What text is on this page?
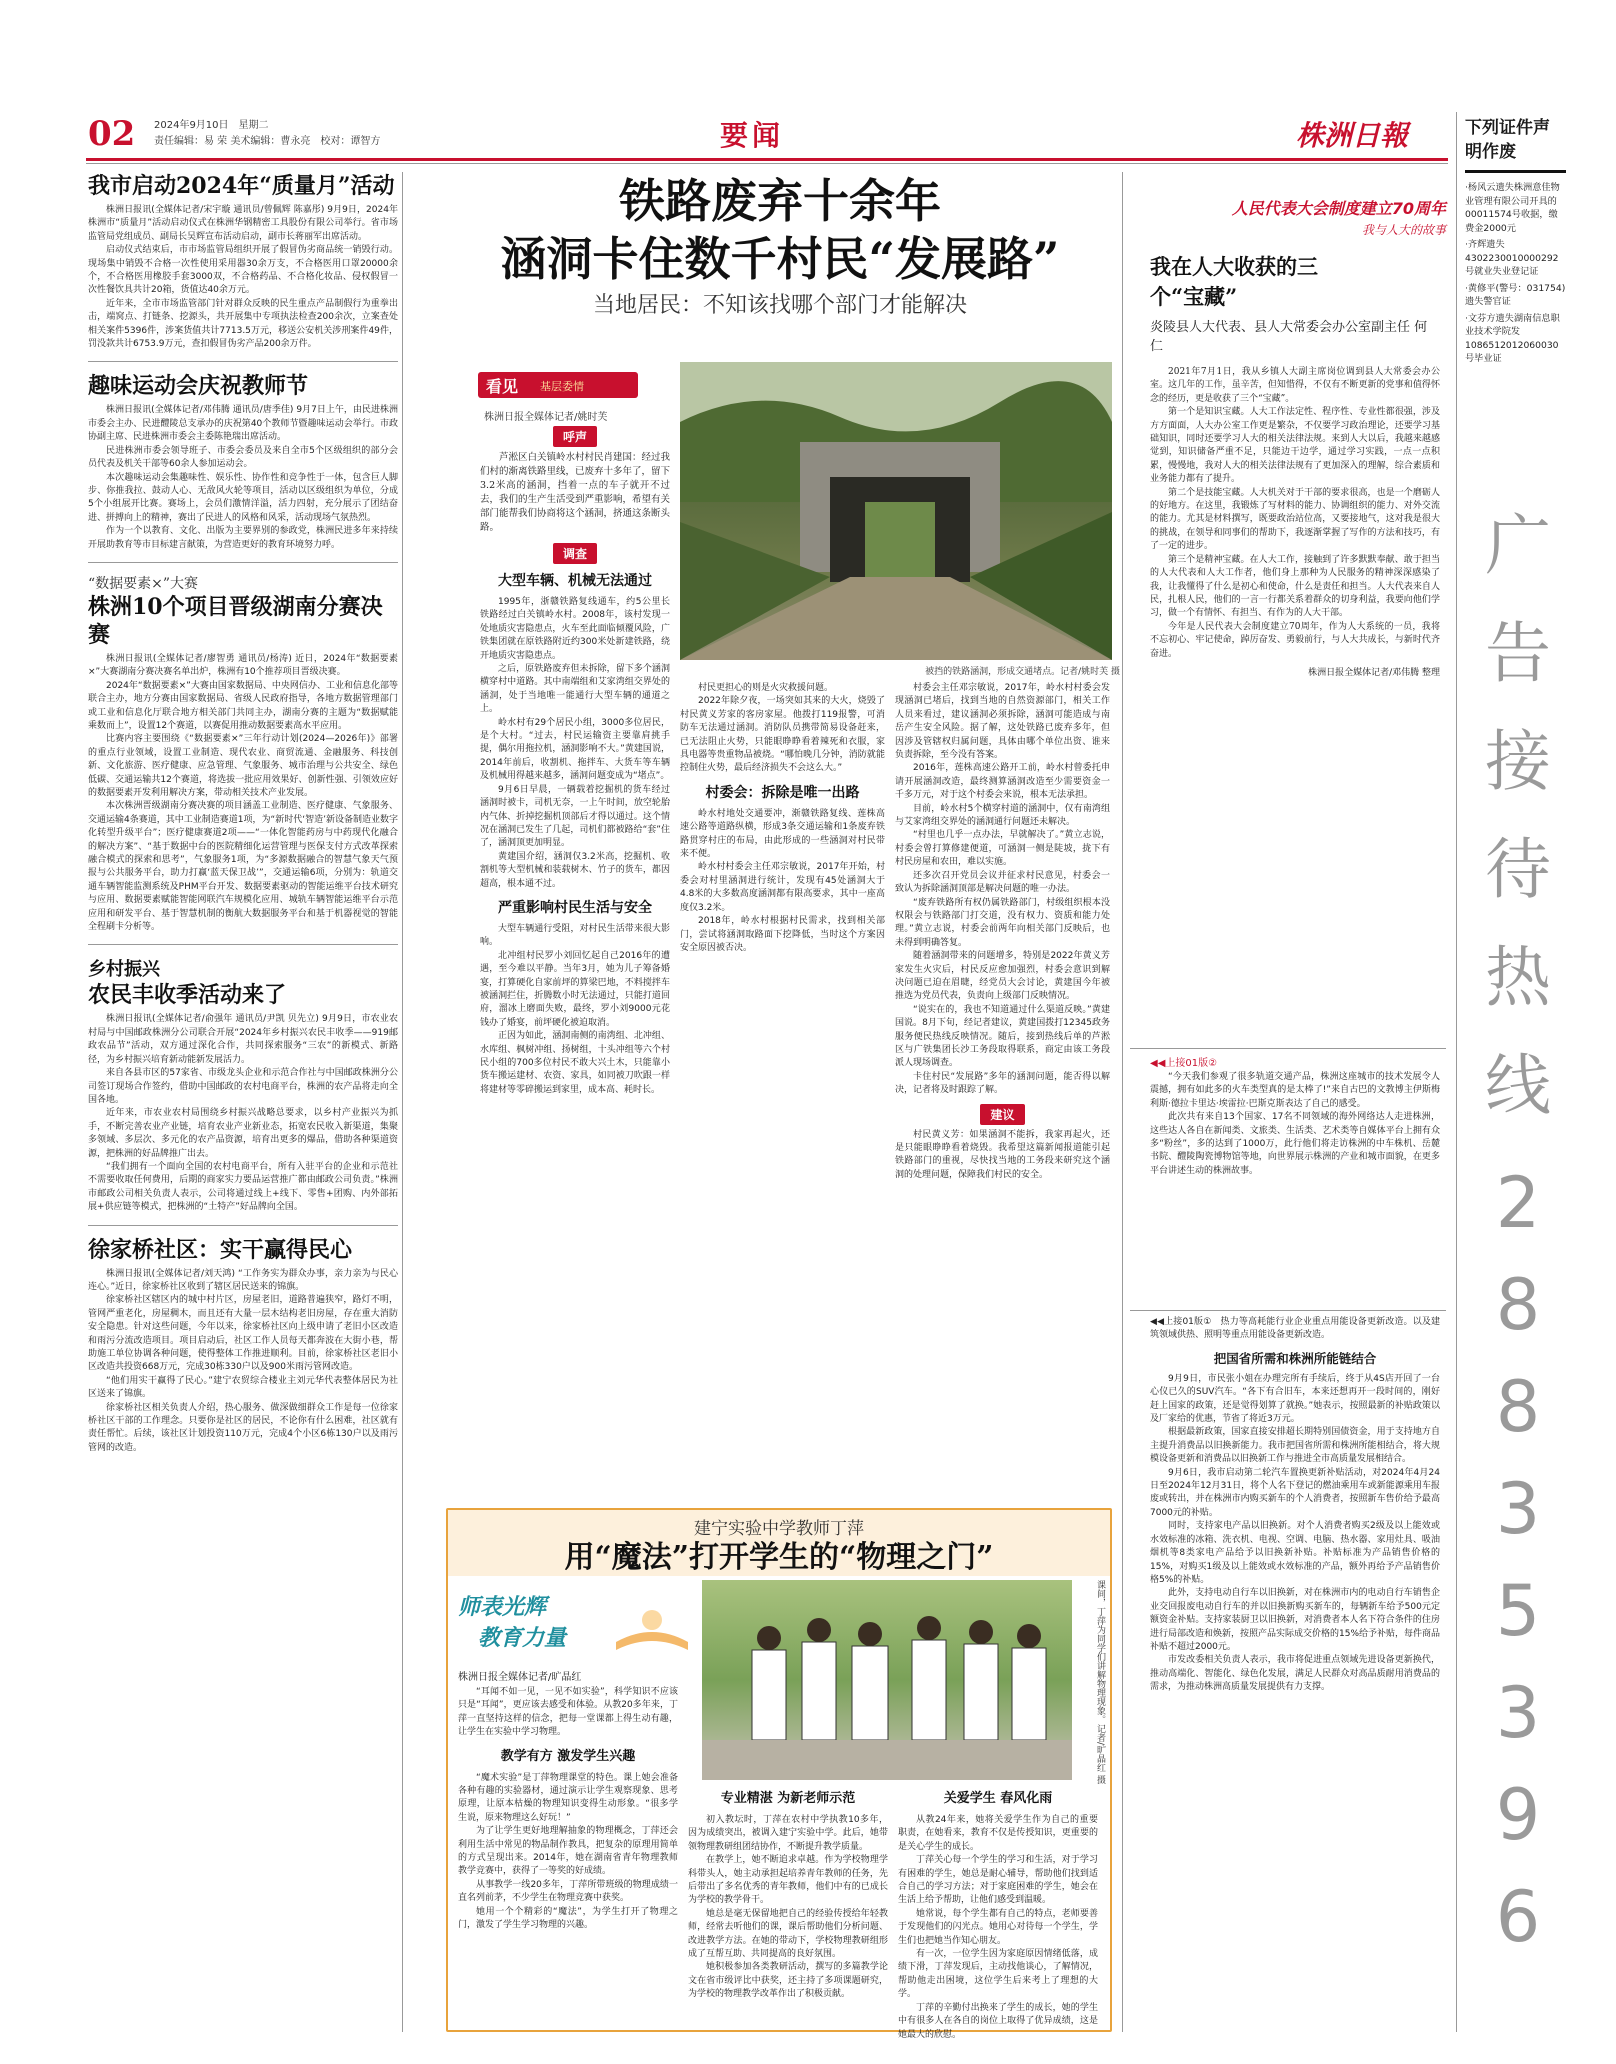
02 2024年9月10日　星期二
责任编辑：易 荣 美术编辑：曹永亮　校对：谭智方	要闻	株洲日報
我市启动2024年“质量月”活动

株洲日报讯(全媒体记者/宋宇璇 通讯员/曾佩辉 陈嘉彤) 9月9日，2024年株洲市“质量月”活动启动仪式在株洲华钢精密工具股份有限公司举行。省市场监管局党组成员、副局长吴辉宣布活动启动，副市长蒋丽军出席活动。

启动仪式结束后，市市场监管局组织开展了假冒伪劣商品统一销毁行动。现场集中销毁不合格一次性使用采用器30余万支，不合格医用口罩20000余个，不合格医用橡胶手套3000双，不合格药品、不合格化妆品、侵权假冒一次性餐饮具共计20箱，货值达40余万元。

近年来，全市市场监管部门针对群众反映的民生重点产品制假行为重拳出击，端窝点、打链条、挖源头，共开展集中专项执法检查200余次，立案查处相关案件5396件，涉案货值共计7713.5万元，移送公安机关涉刑案件49件，罚没款共计6753.9万元，查扣假冒伪劣产品200余万件。

趣味运动会庆祝教师节

株洲日报讯(全媒体记者/邓伟腾 通讯员/唐季佳) 9月7日上午，由民进株洲市委会主办、民进醴陵总支承办的庆祝第40个教师节暨趣味运动会举行。市政协副主席、民进株洲市委会主委陈艳瑞出席活动。

民进株洲市委会领导班子、市委会委员及来自全市5个区级组织的部分会员代表及机关干部等60余人参加运动会。

本次趣味运动会集趣味性、娱乐性、协作性和竞争性于一体，包含巨人脚步、你推我拉、鼓动人心、无敌风火轮等项目，活动以区级组织为单位，分成5个小组展开比赛。赛场上，会员们激情洋溢，活力四射，充分展示了团结奋进、拼搏向上的精神，赛出了民进人的风格和风采，活动现场气氛热烈。

作为一个以教育、文化、出版为主要界别的参政党，株洲民进多年来持续开展助教育等市目标建言献策，为营造更好的教育环境努力呼。

“数据要素×”大赛
株洲10个项目晋级湖南分赛决赛

株洲日报讯(全媒体记者/廖智勇 通讯员/杨涛) 近日，2024年“数据要素×”大赛湖南分赛决赛名单出炉，株洲有10个推荐项目晋级决赛。

2024年“数据要素×”大赛由国家数据局、中央网信办、工业和信息化部等联合主办，地方分赛由国家数据局、省级人民政府指导，各地方数据管理部门或工业和信息化厅联合地方相关部门共同主办，湖南分赛的主题为“数据赋能 乘数而上”，设置12个赛道，以赛促用推动数据要素高水平应用。

比赛内容主要围绕《“数据要素×”三年行动计划(2024—2026年)》部署的重点行业领域，设置工业制造、现代农业、商贸流通、金融服务、科技创新、文化旅游、医疗健康、应急管理、气象服务、城市治理与公共安全、绿色低碳、交通运输共12个赛道，将选拔一批应用效果好、创新性强、引领效应好的数据要素开发利用解决方案，带动相关技术产业发展。

本次株洲晋级湖南分赛决赛的项目涵盖工业制造、医疗健康、气象服务、交通运输4条赛道，其中工业制造赛道1项，为“新时代‘智造’新设备制造业数字化转型升级平台”；医疗健康赛道2项——“一体化智能药房与中药现代化融合的解决方案”、“基于数据中台的医院精细化运营管理与医保支付方式改革探索融合模式的探索和思考”，气象服务1项，为“多源数据融合的智慧气象天气预报与公共服务平台，助力打赢‘蓝天保卫战’”，交通运输6项，分别为：轨道交通车辆智能监测系统及PHM平台开发、数据要素驱动的智能运维平台技术研究与应用、数据要素赋能智能网联汽车规模化应用、城轨车辆智能运维平台示范应用和研发平台、基于智慧机制的衡航大数据服务平台和基于机器视觉的智能全程刷卡分析等。

乡村振兴
农民丰收季活动来了

株洲日报讯(全媒体记者/俞强年 通讯员/尹凯 贝先立) 9月9日，市农业农村局与中国邮政株洲分公司联合开展“2024年乡村振兴农民丰收季——919邮政农品节”活动，双方通过深化合作，共同探索服务“三农”的新模式、新路径，为乡村振兴培育新动能新发展活力。

来自各县市区的57家省、市级龙头企业和示范合作社与中国邮政株洲分公司签订现场合作签约，借助中国邮政的农村电商平台，株洲的农产品将走向全国各地。

近年来，市农业农村局围绕乡村振兴战略总要求，以乡村产业振兴为抓手，不断完善农业产业链，培育农业产业新业态，拓宽农民收入新渠道，集聚多领域、多层次、多元化的农产品资源，培育出更多的爆品，借助各种渠道资源，把株洲的好品牌推广出去。

“我们拥有一个面向全国的农村电商平台，所有入驻平台的企业和示范社不需要收取任何费用，后期的商家实力要品运营推广都由邮政公司负责。”株洲市邮政公司相关负责人表示，公司将通过线上+线下、零售+团购、内外部拓展+供应链等模式，把株洲的“土特产”好品牌向全国。

徐家桥社区：实干赢得民心

株洲日报讯(全媒体记者/刘天鸿) “工作务实为群众办事，亲力亲为与民心连心。”近日，徐家桥社区收到了辖区居民送来的锦旗。

徐家桥社区辖区内的城中村片区，房屋老旧，道路普遍狭窄，路灯不明，管网严重老化，房屋稠木，而且还有大量一层木结构老旧房屋，存在重大消防安全隐患。针对这些问题，今年以来，徐家桥社区向上级申请了老旧小区改造和雨污分流改造项目。项目启动后，社区工作人员每天都奔波在大街小巷，帮助施工单位协调各种问题，使得整体工作推进顺利。目前，徐家桥社区老旧小区改造共投资668万元，完成30栋330户以及900米雨污管网改造。

“他们用实干赢得了民心。”建宁农贸综合楼业主刘元华代表整体居民为社区送来了锦旗。

徐家桥社区相关负责人介绍，热心服务、做深做细群众工作是每一位徐家桥社区干部的工作理念。只要你是社区的居民，不论你有什么困难，社区就有责任帮忙。后续，该社区计划投资110万元，完成4个小区6栋130户以及雨污管网的改造。

铁路废弃十余年
涵洞卡住数千村民“发展路”
当地居民：不知该找哪个部门才能解决
看见 基层委情
株洲日报全媒体记者/姚时芙
被挡的铁路涵洞，形成交通堵点。记者/姚时芙 摄
呼声
芦淞区白关镇岭水村村民肖建国：经过我们村的渐离铁路里线，已废弃十多年了，留下3.2米高的涵洞，挡着一点的车子就开不过去，我们的生产生活受到严重影响，希望有关部门能帮我们协商将这个涵洞，挤通这条断头路。
调查
大型车辆、机械无法通过

1995年，浙赣铁路复线通车，约5公里长铁路经过白关镇岭水村。2008年，该村发现一处地质灾害隐患点，火车至此面临倾覆风险，广铁集团就在原铁路附近约300米处新建铁路，绕开地质灾害隐患点。

之后，原铁路废弃但未拆除，留下多个涵洞横穿村中道路。其中南端组和艾家湾组交界处的涵洞，处于当地唯一能通行大型车辆的通道之上。

岭水村有29个居民小组，3000多位居民，是个大村。“过去，村民运输资主要靠肩挑手提，偶尔用拖拉机，涵洞影响不大。”黄建国说，2014年前后，收割机、拖拌车、大货车等车辆及机械用得越来越多，涵洞问题变成为“堵点”。

9月6日早晨，一辆载着挖掘机的货车经过涵洞时被卡，司机无奈，一上午时间，放空轮胎内气体、折掉挖掘机顶部后才得以通过。这个情况在涵洞已发生了几起，司机们都被路给“套”住了，涵洞顶更加明显。

黄建国介绍，涵洞仅3.2米高，挖掘机、收割机等大型机械和装载树木、竹子的货车，都因超高，根本通不过。

严重影响村民生活与安全

大型车辆通行受阻，对村民生活带来很大影响。

北冲组村民罗小刘回忆起自己2016年的遭遇，至今难以平静。当年3月，她为儿子筹备婚宴，打算硬化自家前坪的算梁巴地，不料搅拌车被涵洞拦住，折腾数小时无法通过，只能打道回府，溜冰上磨面失败，最终，罗小刘9000元花钱办了婚宴，前坪硬化被迫取消。

正因为如此，涵洞南侧的南湾组、北冲组、水库组、枫树冲组、扬树组，十头冲组等六个村民小组的700多位村民不敢大兴土木，只能靠小货车搬运建材、农资、家具，如同被刀吹跟一样将建材等零碎搬运到家里，成本高、耗时长。

村民更担心的则是火灾救援问题。

2022年除夕夜，一场突如其来的大火，烧毁了村民黄义芳家的客房家屋。他拨打119报警，可消防车无法通过涵洞。消防队员携带简易设备赶来，已无法阻止火势，只能眼睁睁看着辣死和衣服，家具电器等贵重物品被烧。“哪怕晚几分钟，消防就能控制住火势，最后经济损失不会这么大。”

村委会：拆除是唯一出路

岭水村地处交通要冲，渐赣铁路复线、莲株高速公路等道路纵横，形成3条交通运输和1条废弃铁路贯穿村庄的布局，由此形成的一些涵洞对村民带来不便。

岭水村村委会主任邓宗敏说，2017年开始，村委会对村里涵洞进行统计，发现有45处涵洞大于4.8米的大多数高度涵洞都有限高要求，其中一座高度仅3.2米。

2018年，岭水村根据村民需求，找到相关部门，尝试将涵洞取路面下挖降低，当时这个方案因安全原因被否决。

村委会主任邓宗敏说，2017年，岭水村村委会发现涵洞已堵后，找到当地的自然资源部门，相关工作人员来看过，建议涵洞必须拆除，涵洞可能造成与南岳产生安全风险。据了解，这处铁路已废弃多年，但因涉及管辖权归属问题，具体由哪个单位出资、谁来负责拆除，至今没有答案。

2016年，莲株高速公路开工前，岭水村曾委托申请开展涵洞改造，最终测算涵洞改造至少需要资金一千多万元，对于这个村委会来说，根本无法承担。

目前，岭水村5个横穿村道的涵洞中，仅有南湾组与艾家湾组交界处的涵洞通行问题还未解决。

“村里也几乎一点办法，早就解决了。”黄立志说，村委会曾打算修建便道，可涵洞一侧是陡坡，拢下有村民房屋和农田，难以实施。

还多次召开党员会议并征求村民意见，村委会一致认为拆除涵洞顶部是解决问题的唯一办法。

“废弃铁路所有权仍属铁路部门，村级组织根本没权限会与铁路部门打交道，没有权力、资质和能力处理。”黄立志说，村委会前两年向相关部门反映后，也未得到明确答复。

随着涵洞带来的问题增多，特别是2022年黄义芳家发生火灾后，村民反应愈加强烈，村委会意识到解决问题已迫在眉睫，经党员大会讨论，黄建国今年被推选为党员代表，负责向上级部门反映情况。

“说实在的，我也不知道通过什么渠道反映。”黄建国说。8月下旬，经记者建议，黄建国拨打12345政务服务便民热线反映情况。随后，接到热线后单的芦淞区与广铁集团长沙工务段取得联系，商定由该工务段派人现场调查。

卡住村民“发展路”多年的涵洞问题，能否得以解决，记者将及时跟踪了解。

建议
村民黄义芳：如果涵洞不能拆，我家再起火，还是只能眼睁睁看着烧毁。我希望这篇新闻报道能引起铁路部门的重视，尽快找当地的工务段来研究这个涵洞的处理问题，保障我们村民的安全。
人民代表大会制度建立70周年
我与人大的故事
我在人大收获的三个“宝藏”
炎陵县人大代表、县人大常委会办公室副主任 何仁

2021年7月1日，我从乡镇人大副主席岗位调到县人大常委会办公室。这几年的工作，虽辛苦，但知惜得，不仅有不断更新的党事和值得怀念的经历，更是收获了三个“宝藏”。

第一个是知识宝藏。人大工作法定性、程序性、专业性都很强，涉及方方面面，人大办公室工作更是繁杂，不仅要学习政治理论，还要学习基础知识，同时还要学习人大的相关法律法规。来到人大以后，我越来越感觉到，知识储备严重不足，只能边干边学，通过学习实践，一点一点积累，慢慢地，我对人大的相关法律法规有了更加深入的理解，综合素质和业务能力都有了提升。

第二个是技能宝藏。人大机关对于干部的要求很高，也是一个磨砺人的好地方。在这里，我锻炼了写材料的能力、协调组织的能力、对外交流的能力。尤其是材料撰写，既要政治站位高，又要接地气，这对我是很大的挑战，在领导和同事们的帮助下，我逐渐掌握了写作的方法和技巧，有了一定的进步。

第三个是精神宝藏。在人大工作，接触到了许多默默奉献、敢于担当的人大代表和人大工作者，他们身上那种为人民服务的精神深深感染了我，让我懂得了什么是初心和使命，什么是责任和担当。人大代表来自人民，扎根人民，他们的一言一行都关系着群众的切身利益，我要向他们学习，做一个有情怀、有担当、有作为的人大干部。

今年是人民代表大会制度建立70周年，作为人大系统的一员，我将不忘初心、牢记使命，踔厉奋发、勇毅前行，与人大共成长，与新时代齐奋进。

株洲日报全媒体记者/邓伟腾 整理
◀◀上接01版②

“今天我们参观了很多轨道交通产品，株洲这座城市的技术发展令人震撼，拥有如此多的火车类型真的是太棒了!”来自古巴的文教博主伊斯梅利斯·德拉卡里达·埃雷拉·巴斯克斯表达了自己的感受。

此次共有来自13个国家、17名不同领域的海外网络达人走进株洲，这些达人各自在新闻类、文旅类、生活类、艺术类等自媒体平台上拥有众多“粉丝”，多的达到了1000万，此行他们将走访株洲的中车株机、岳麓书院、醴陵陶瓷博物馆等地，向世界展示株洲的产业和城市面貌，在更多平台讲述生动的株洲故事。

◀◀上接01版①　热力等高耗能行业企业重点用能设备更新改造。以及建筑领域供热、照明等重点用能设备更新改造。
把国省所需和株洲所能链结合

9月9日，市民张小姐在办理完所有手续后，终于从4S店开回了一台心仪已久的SUV汽车。“各下有合旧车，本来还想再开一段时间的，刚好赶上国家的政策，还是觉得划算了就换。”她表示，按照最新的补贴政策以及厂家给的优惠，节省了将近3万元。

根据最新政策，国家直接安排超长期特别国债资金，用于支持地方自主提升消费品以旧换新能力。我市把国省所需和株洲所能相结合，将大规模设备更新和消费品以旧换新工作与推进全市高质量发展相结合。

9月6日，我市启动第二轮汽车置换更新补贴活动，对2024年4月24日至2024年12月31日，将个人名下登记的燃油乘用车或新能源乘用车报废或转出，并在株洲市内购买新车的个人消费者，按照新车售价给予最高7000元的补贴。

同时，支持家电产品以旧换新。对个人消费者购买2级及以上能效或水效标准的冰箱、洗衣机、电视、空调、电脑、热水器、家用灶具、吸油烟机等8类家电产品给予以旧换新补贴。补贴标准为产品销售价格的15%，对购买1级及以上能效或水效标准的产品，额外再给予产品销售价格5%的补贴。

此外，支持电动自行车以旧换新，对在株洲市内的电动自行车销售企业交回报废电动自行车的并以旧换新购买新车的，每辆新车给予500元定额资金补贴。支持家装厨卫以旧换新，对消费者本人名下符合条件的住房进行局部改造和焕新，按照产品实际成交价格的15%给予补贴，每件商品补贴不超过2000元。

市发改委相关负责人表示，我市将促进重点领域先进设备更新换代，推动高端化、智能化、绿色化发展，满足人民群众对高品质耐用消费品的需求，为推动株洲高质量发展提供有力支撑。

建宁实验中学教师丁萍
用“魔法”打开学生的“物理之门”
师表光辉
教育力量
株洲日报全媒体记者/旷晶红	课间，丁萍为同学们讲解物理现象。记者/旷晶红 摄

“耳闻不如一见，一见不如实验”，科学知识不应该只是“耳闻”，更应该去感受和体验。从教20多年来，丁萍一直坚持这样的信念，把每一堂课都上得生动有趣，让学生在实验中学习物理。

教学有方 激发学生兴趣

“魔术实验”是丁萍物理课堂的特色。课上她会准备各种有趣的实验器材，通过演示让学生观察现象、思考原理，让原本枯燥的物理知识变得生动形象。“很多学生说，原来物理这么好玩！”

为了让学生更好地理解抽象的物理概念，丁萍还会利用生活中常见的物品制作教具，把复杂的原理用简单的方式呈现出来。2014年，她在湖南省青年物理教师教学竞赛中，获得了一等奖的好成绩。

从事教学一线20多年，丁萍所带班级的物理成绩一直名列前茅，不少学生在物理竞赛中获奖。

她用一个个精彩的“魔法”，为学生打开了物理之门，激发了学生学习物理的兴趣。

专业精湛 为新老师示范

初入教坛时，丁萍在农村中学执教10多年，因为成绩突出，被调入建宁实验中学。此后，她带领物理教研组团结协作，不断提升教学质量。

在教学上，她不断追求卓越。作为学校物理学科带头人，她主动承担起培养青年教师的任务，先后带出了多名优秀的青年教师，他们中有的已成长为学校的教学骨干。

她总是毫无保留地把自己的经验传授给年轻教师，经常去听他们的课，课后帮助他们分析问题、改进教学方法。在她的带动下，学校物理教研组形成了互帮互助、共同提高的良好氛围。

她积极参加各类教研活动，撰写的多篇教学论文在省市级评比中获奖，还主持了多项课题研究，为学校的物理教学改革作出了积极贡献。

关爱学生 春风化雨

从教24年来，她将关爱学生作为自己的重要职责，在她看来，教育不仅是传授知识，更重要的是关心学生的成长。

丁萍关心每一个学生的学习和生活，对于学习有困难的学生，她总是耐心辅导，帮助他们找到适合自己的学习方法；对于家庭困难的学生，她会在生活上给予帮助，让他们感受到温暖。

她常说，每个学生都有自己的特点，老师要善于发现他们的闪光点。她用心对待每一个学生，学生们也把她当作知心朋友。

有一次，一位学生因为家庭原因情绪低落，成绩下滑，丁萍发现后，主动找他谈心，了解情况，帮助他走出困境，这位学生后来考上了理想的大学。

丁萍的辛勤付出换来了学生的成长，她的学生中有很多人在各自的岗位上取得了优异成绩，这是她最大的欣慰。

下列证件声明作废
·杨风云遗失株洲意佳物业管理有限公司开具的00011574号收据，缴费金2000元
·齐辉遗失4302230010000292号就业失业登记证
·黄修平(警号：031754)遗失警官证
·文芬方遗失湖南信息职业技术学院发1086512012060030号毕业证
广告接待热线
28835396
